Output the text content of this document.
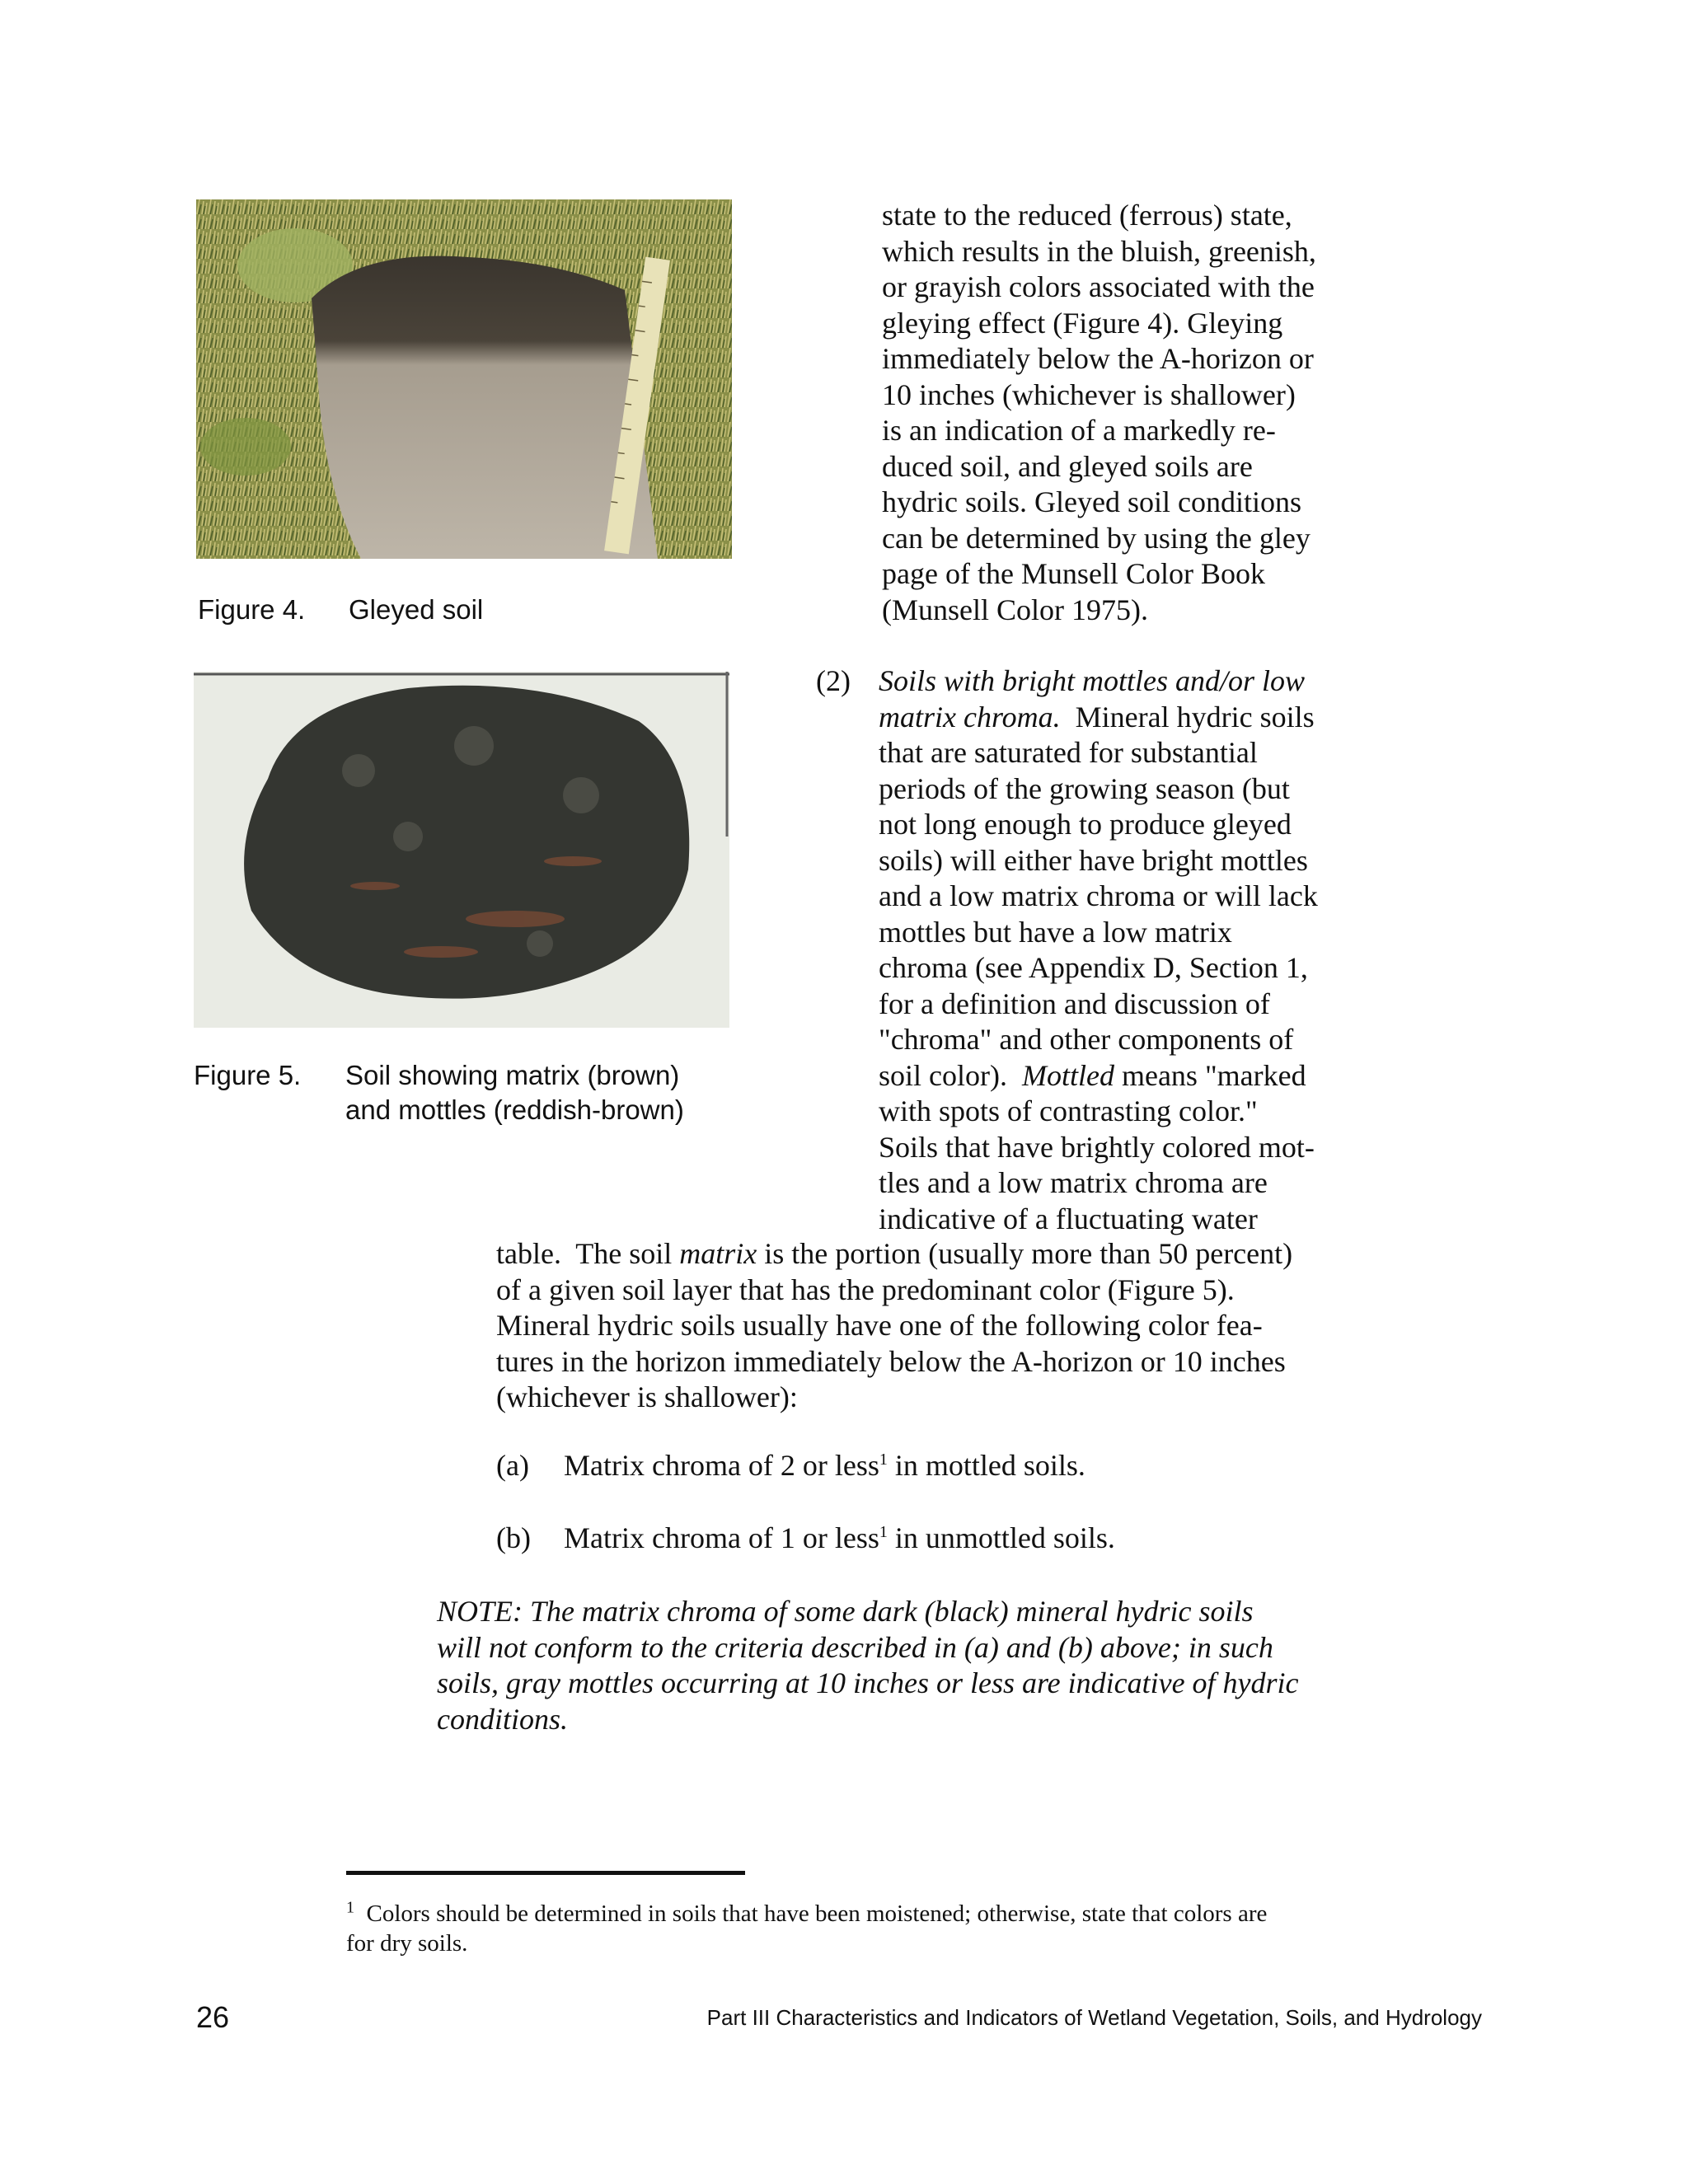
Figure 4. Gleyed soil
Figure 5. Soil showing matrix (brown)
and mottles (reddish-brown)
state to the reduced (ferrous) state,
which results in the bluish, greenish,
or grayish colors associated with the
gleying effect (Figure 4). Gleying
immediately below the A-horizon or
10 inches (whichever is shallower)
is an indication of a markedly re-
duced soil, and gleyed soils are
hydric soils. Gleyed soil conditions
can be determined by using the gley
page of the Munsell Color Book
(Munsell Color 1975).
(2) Soils with bright mottles and/or low
matrix chroma.  Mineral hydric soils
that are saturated for substantial
periods of the growing season (but
not long enough to produce gleyed
soils) will either have bright mottles
and a low matrix chroma or will lack
mottles but have a low matrix
chroma (see Appendix D, Section 1,
for a definition and discussion of
"chroma" and other components of
soil color).  Mottled means "marked
with spots of contrasting color."
Soils that have brightly colored mot-
tles and a low matrix chroma are
indicative of a fluctuating water
table.  The soil matrix is the portion (usually more than 50 percent)
of a given soil layer that has the predominant color (Figure 5).
Mineral hydric soils usually have one of the following color fea-
tures in the horizon immediately below the A-horizon or 10 inches
(whichever is shallower):
(a) Matrix chroma of 2 or less$^1$ in mottled soils.
(b) Matrix chroma of 1 or less$^1$ in unmottled soils.
NOTE: The matrix chroma of some dark (black) mineral hydric soils
will not conform to the criteria described in (a) and (b) above; in such
soils, gray mottles occurring at 10 inches or less are indicative of hydric
conditions.
$^1$ Colors should be determined in soils that have been moistened; otherwise, state that colors are
for dry soils.
26	Part III Characteristics and Indicators of Wetland Vegetation, Soils, and Hydrology
